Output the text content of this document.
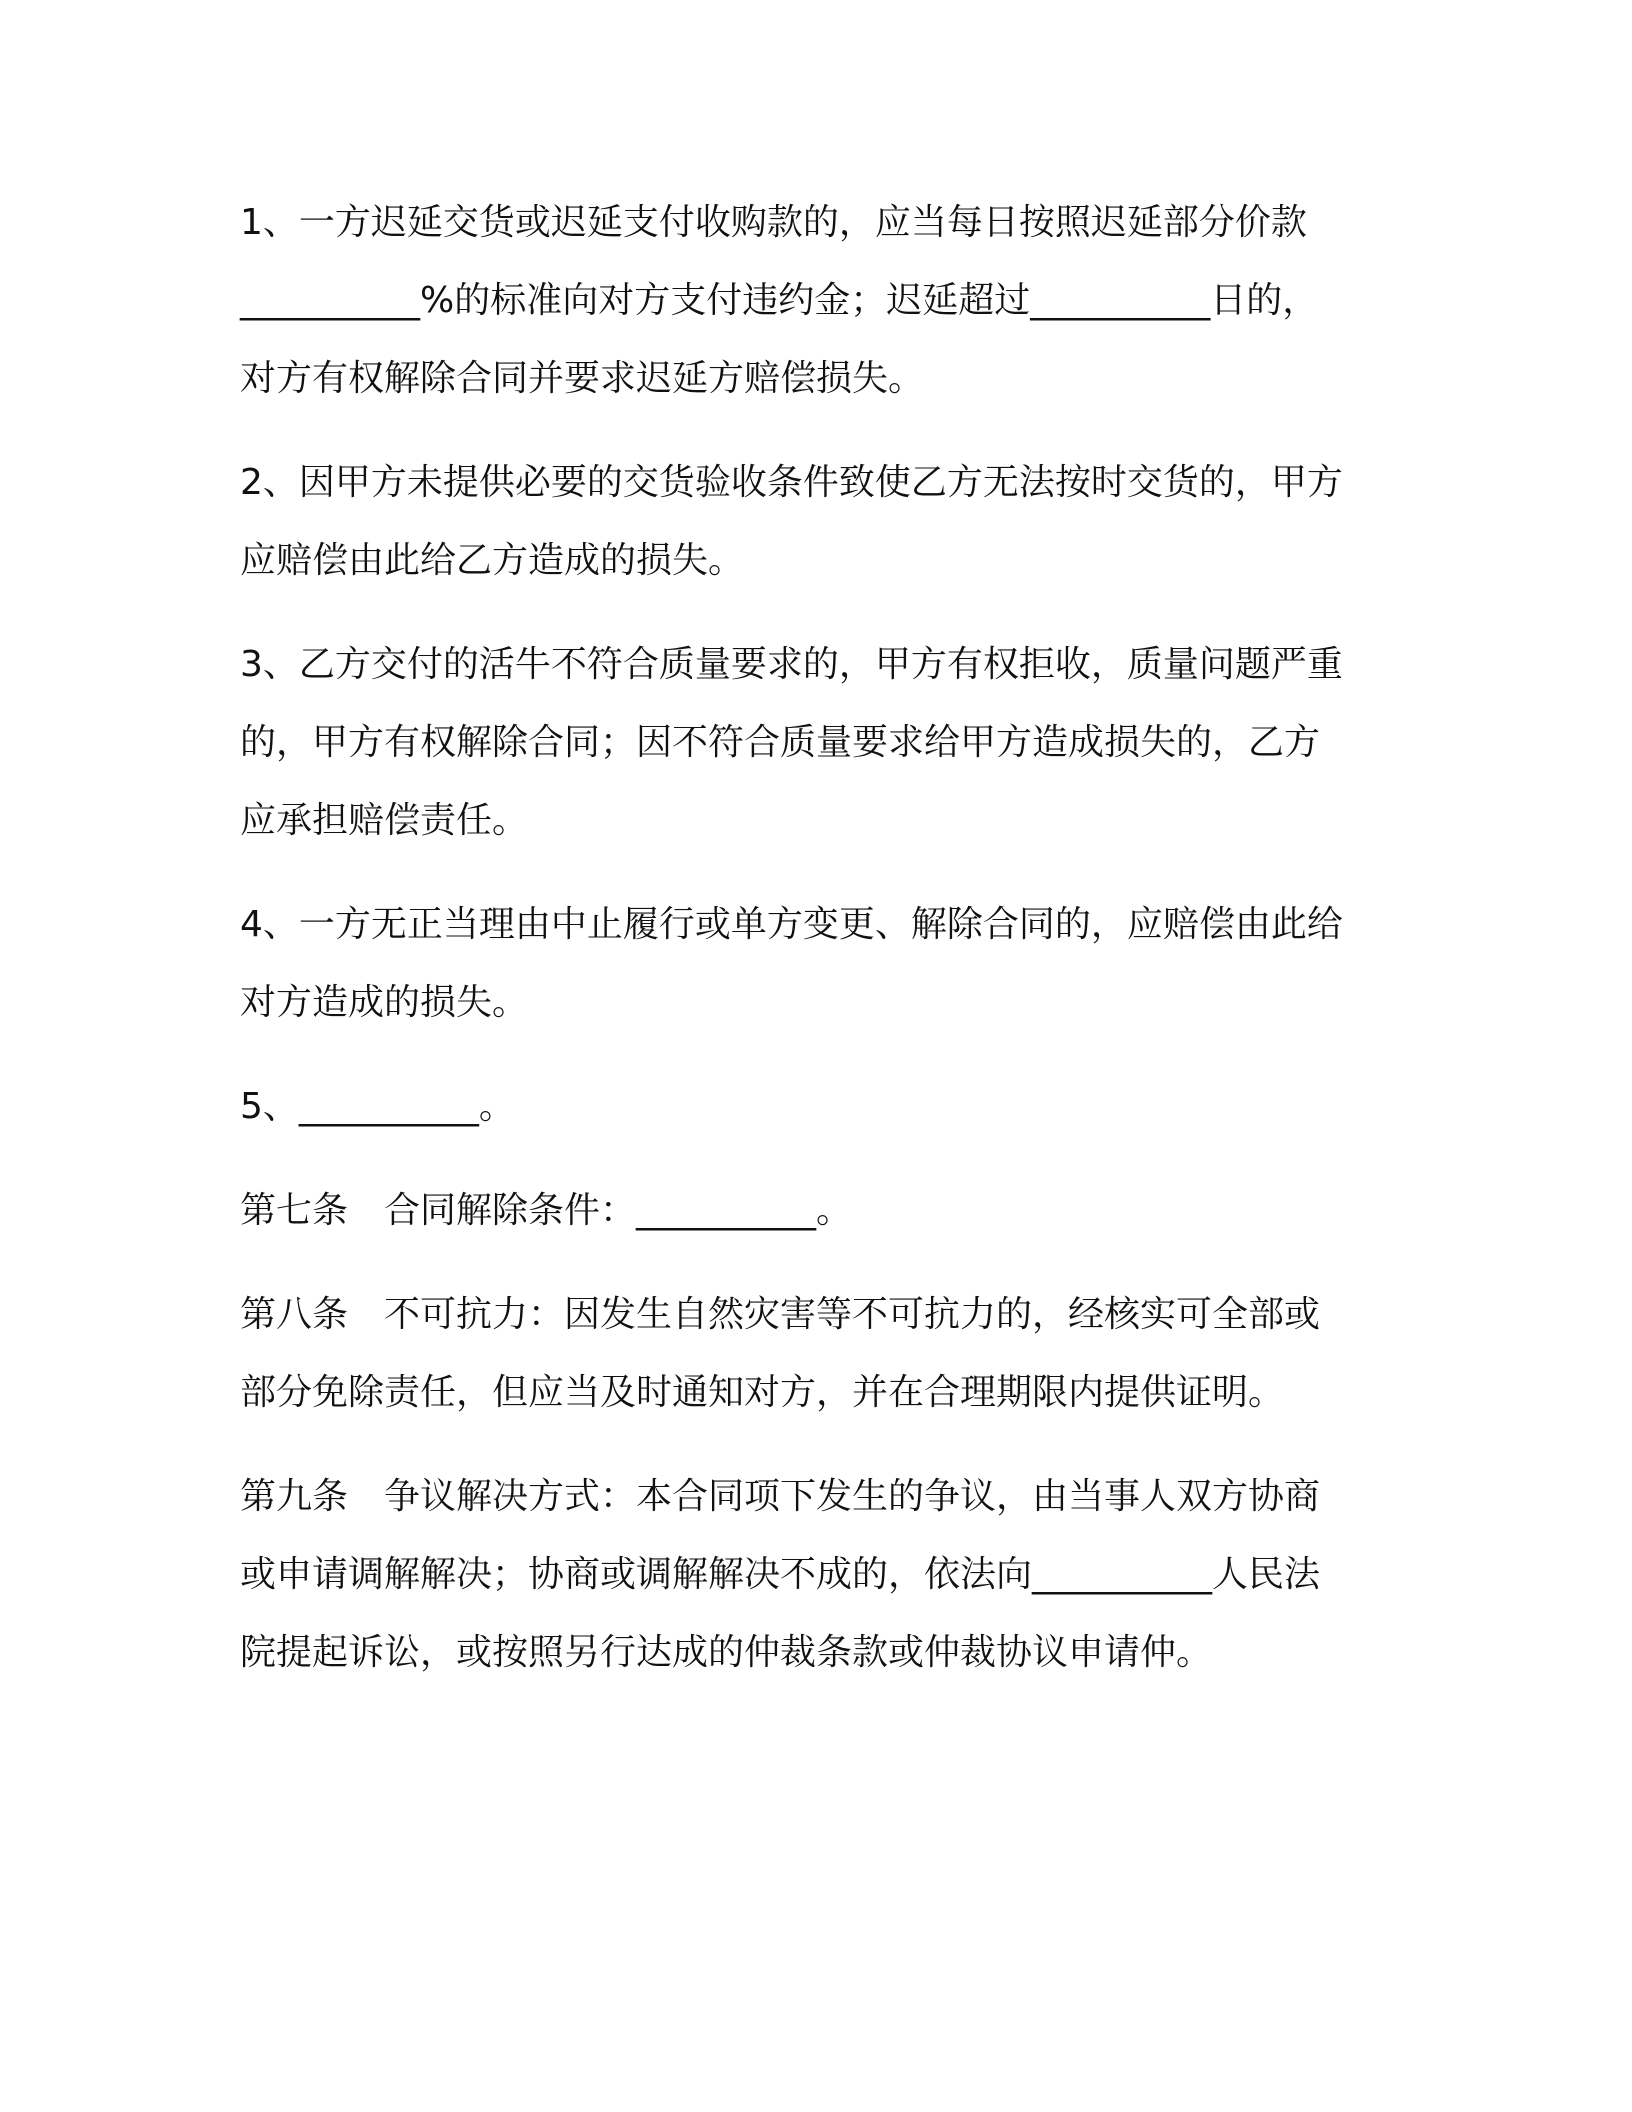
1、一方迟延交货或迟延支付收购款的，应当每日按照迟延部分价款
__________%的标准向对方支付违约金；迟延超过__________日的，
对方有权解除合同并要求迟延方赔偿损失。

2、因甲方未提供必要的交货验收条件致使乙方无法按时交货的，甲方
应赔偿由此给乙方造成的损失。

3、乙方交付的活牛不符合质量要求的，甲方有权拒收，质量问题严重
的，甲方有权解除合同；因不符合质量要求给甲方造成损失的，乙方
应承担赔偿责任。

4、一方无正当理由中止履行或单方变更、解除合同的，应赔偿由此给
对方造成的损失。

5、__________。

第七条　合同解除条件：__________。

第八条　不可抗力：因发生自然灾害等不可抗力的，经核实可全部或
部分免除责任，但应当及时通知对方，并在合理期限内提供证明。

第九条　争议解决方式：本合同项下发生的争议，由当事人双方协商
或申请调解解决；协商或调解解决不成的，依法向__________人民法
院提起诉讼，或按照另行达成的仲裁条款或仲裁协议申请仲。
